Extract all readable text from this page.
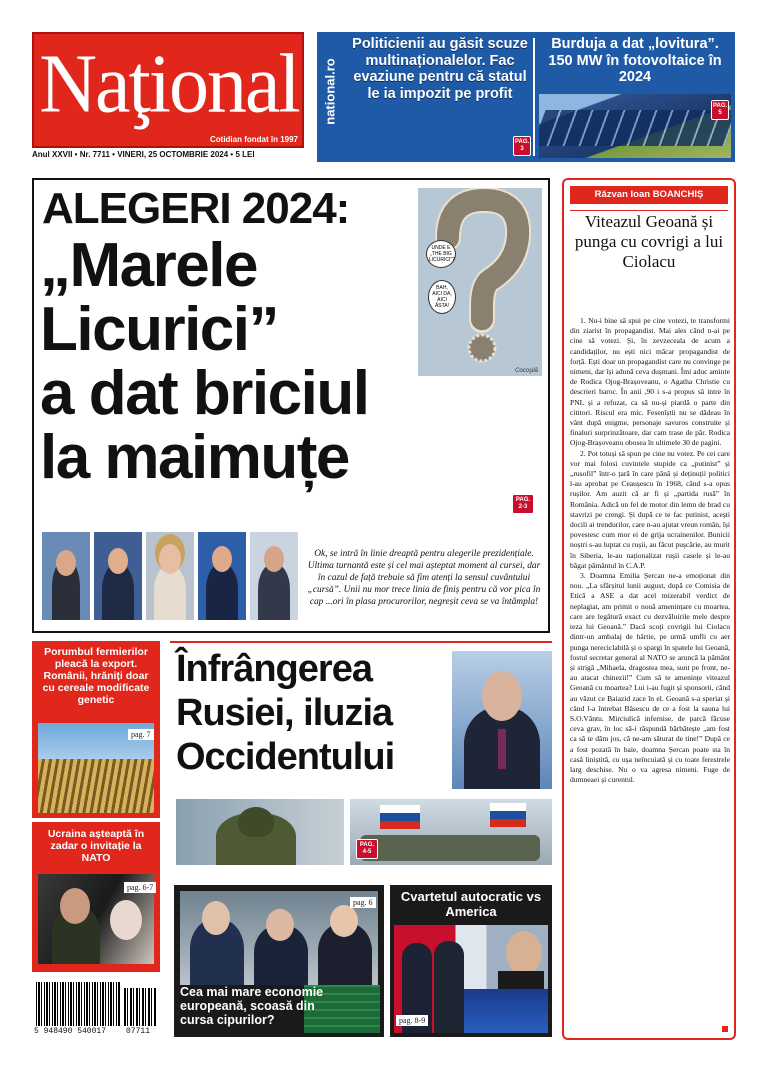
Naţional
Cotidian fondat în 1997
Anul XXVII • Nr. 7711 • VINERI, 25 OCTOMBRIE 2024 • 5 LEI
national.ro
Politicienii au găsit scuze multinaționalelor. Fac evaziune pentru că statul le ia impozit pe profit
PAG. 3
Burduja a dat „lovitura”. 150 MW în fotovoltaice în 2024
PAG. 5
ALEGERI 2024:
„Marele
Licurici”
a dat briciul
la maimuțe
PAG. 2-3
UNDE E „THE BIG LICURICI”?
BAH, AICI DA, AICI ĂSTA!
Cocoşilă
Ok, se intră în linie dreaptă pentru alegerile prezidențiale. Ultima turnantă este și cel mai așteptat moment al cursei, dar în cazul de față trebuie să fim atenți la sensul cuvântului „cursă”. Unii nu mor trece linia de finiș pentru că vor pica în cap ...ori în plasa procurorilor, negreșit ceva se va întâmpla!
Răzvan Ioan BOANCHIȘ
Viteazul Geoană și punga cu covrigi a lui Ciolacu

1. Nu-i bine să spui pe cine votezi, te transformi din ziarist în propagandist. Mai ales când n-ai pe cine să votezi. Și, în zevzeceala de acum a candidaților, nu ești nici măcar propagandist de forță. Ești doar un propagandist care nu convinge pe nimeni, dar își adună ceva dușmani. Îmi aduc aminte de Rodica Ojog-Brașoveanu, o Agatha Christie cu descrieri baroc. În anii ,90 i s-a propus să intre în PNL și a refuzat, ca să nu-și piardă o parte din cititori. Riscul era mic. Fesenîștii nu se dădeau în vânt după enigme, personaje savuros construite și finaluri surprinzătoare, dar cam trase de păr. Rodica Ojog-Brașoveanu obosea în ultimele 30 de pagini.

2. Pot totuși să spun pe cine nu votez. Pe cei care vor mai folosi cuvintele stupide ca „putinist” și „rusofil” într-o țară în care până și deținuții politici l-au aprobat pe Ceaușescu în 1968, când s-a opus rușilor. Am auzit că ar fi și „partida rusă” în România. Adică un fel de motor din lemn de brad cu stavrizi pe crengi. Și după ce te fac putinist, acești docili ai trendurilor, care n-au ajutat vreun român, își povestesc cum mor ei de grija ucrainenilor. Bunicii noștri s-au luptat cu rușii, au făcut pușcărie, au murit în Siberia, le-au naționalizat rușii casele și le-au băgat pământul în C.A.P.

3. Doamna Emilia Șercan ne-a emoționat din nou. „La sfârșitul lunii august, după ce Comisia de Etică a ASE a dat acel mizerabil verdict de neplagiat, am primit o nouă amenințare cu moartea, care are legătură exact cu dezvăluirile mele despre teza lui Geoană.” Dacă scoți covrigii lui Ciolacu dintr-un ambalaj de hârtie, pe urmă umfli cu aer punga nereciclabilă și o spargi în spatele lui Geoană, fostul secretar general al NATO se aruncă la pământ și strigă „Mihaela, dragostea mea, sunt pe front, ne-au atacat chinezii!” Cum să te amenințe viteazul Geoană cu moartea? Lui i-au fugit și sponsorii, când au văzut ce Baiazid zace în el. Geoană s-a speriat și când l-a întrebat Băsescu de ce a fost la sauna lui S.O.Vântu. Mirciulică infernise, de parcă făcuse ceva grav, în loc să-i răspundă bărbătește „am fost ca să te dăm jos, că ne-am săturat de tine!” După ce a fost pozată în baie, doamna Șercan poate sta în casă liniștită, cu ușa neîncuiată și cu toate ferestrele larg deschise. Nu o va agresa nimeni. Fuge de dumneaei și curentul.

Porumbul fermierilor pleacă la export. Românii, hrăniți doar cu cereale modificate genetic
pag. 7
Ucraina așteaptă în zadar o invitație la NATO
pag. 6-7
Înfrângerea
Rusiei, iluzia
Occidentului
PAG. 4-5
pag. 6
Cea mai mare economie europeană, scoasă din cursa cipurilor?
Cvartetul autocratic vs America
pag. 8-9
5 948490 540017 07711
